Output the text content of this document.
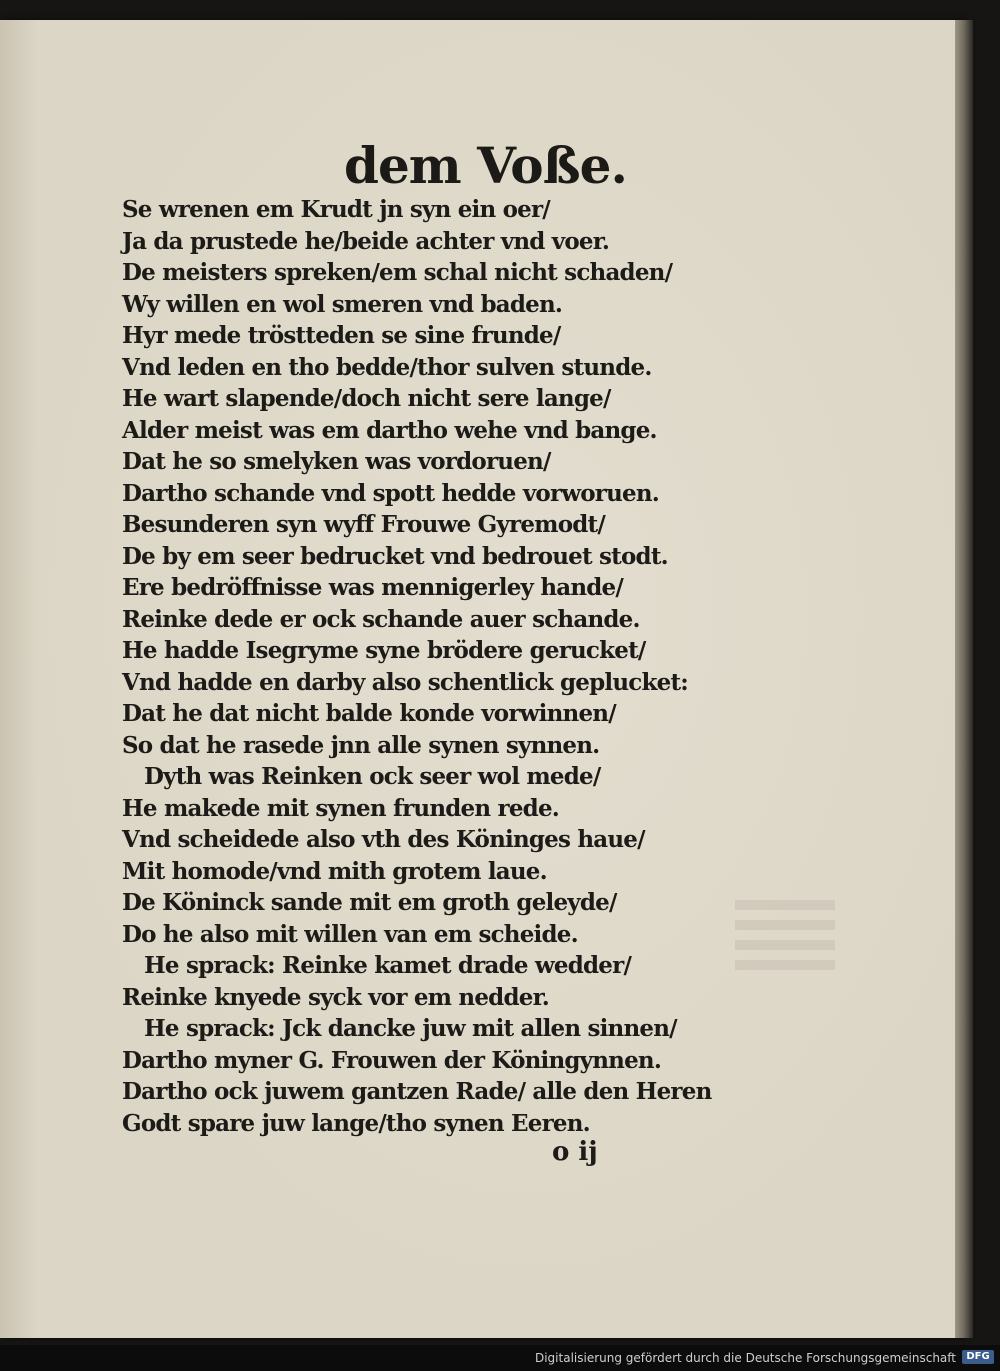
dem Voße.
Se wrenen em Krudt jn syn ein oer/
Ja da prustede he/beide achter vnd voer.
De meisters spreken/em schal nicht schaden/
Wy willen en wol smeren vnd baden.
Hyr mede tröstteden se sine frunde/
Vnd leden en tho bedde/thor sulven stunde.
He wart slapende/doch nicht sere lange/
Alder meist was em dartho wehe vnd bange.
Dat he so smelyken was vordoruen/
Dartho schande vnd spott hedde vorworuen.
Besunderen syn wyff Frouwe Gyremodt/
De by em seer bedrucket vnd bedrouet stodt.
Ere bedröffnisse was mennigerley hande/
Reinke dede er ock schande auer schande.
He hadde Isegryme syne brödere gerucket/
Vnd hadde en darby also schentlick geplucket:
Dat he dat nicht balde konde vorwinnen/
So dat he rasede jnn alle synen synnen.
Dyth was Reinken ock seer wol mede/
He makede mit synen frunden rede.
Vnd scheidede also vth des Köninges haue/
Mit homode/vnd mith grotem laue.
De Köninck sande mit em groth geleyde/
Do he also mit willen van em scheide.
He sprack: Reinke kamet drade wedder/
Reinke knyede syck vor em nedder.
He sprack: Jck dancke juw mit allen sinnen/
Dartho myner G. Frouwen der Köningynnen.
Dartho ock juwem gantzen Rade/ alle den Heren
Godt spare juw lange/tho synen Eeren.
o ij
Digitalisierung gefördert durch die Deutsche Forschungsgemeinschaft	DFG
